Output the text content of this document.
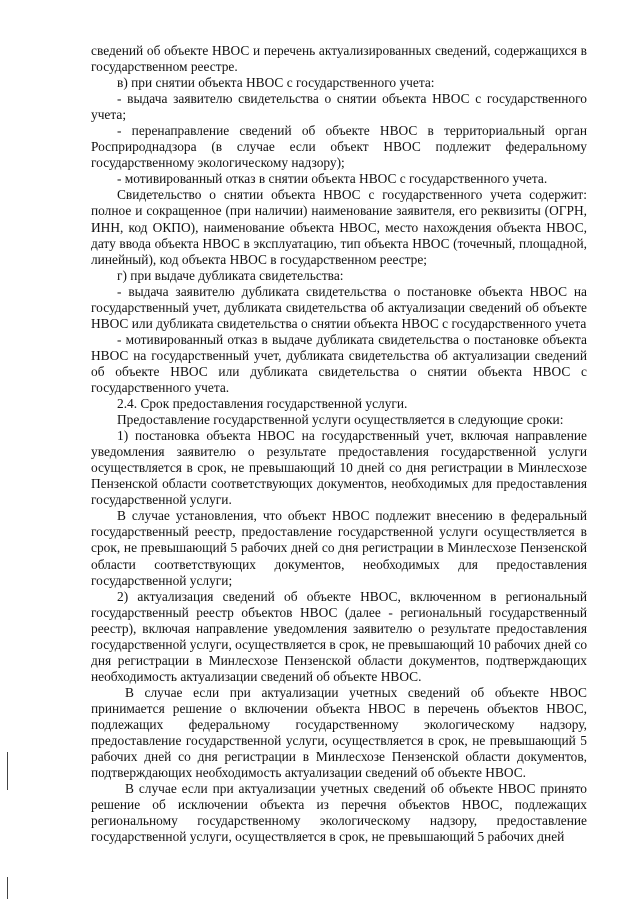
сведений об объекте НВОС и перечень актуализированных сведений, содержащихся в государственном реестре.

в) при снятии объекта НВОС с государственного учета:

- выдача заявителю свидетельства о снятии объекта НВОС с государственного учета;

- перенаправление сведений об объекте НВОС в территориальный орган Росприроднадзора (в случае если объект НВОС подлежит федеральному государственному экологическому надзору);

- мотивированный отказ в снятии объекта НВОС с государственного учета.

Свидетельство о снятии объекта НВОС с государственного учета содержит: полное и сокращенное (при наличии) наименование заявителя, его реквизиты (ОГРН, ИНН, код ОКПО), наименование объекта НВОС, место нахождения объекта НВОС, дату ввода объекта НВОС в эксплуатацию, тип объекта НВОС (точечный, площадной, линейный), код объекта НВОС в государственном реестре;

г) при выдаче дубликата свидетельства:

- выдача заявителю дубликата свидетельства о постановке объекта НВОС на государственный учет, дубликата свидетельства об актуализации сведений об объекте НВОС или дубликата свидетельства о снятии объекта НВОС с государственного учета

- мотивированный отказ в выдаче дубликата свидетельства о постановке объекта НВОС на государственный учет, дубликата свидетельства об актуализации сведений об объекте НВОС или дубликата свидетельства о снятии объекта НВОС с государственного учета.

2.4. Срок предоставления государственной услуги.

Предоставление государственной услуги осуществляется в следующие сроки:

1) постановка объекта НВОС на государственный учет, включая направление уведомления заявителю о результате предоставления государственной услуги осуществляется в срок, не превышающий 10 дней со дня регистрации в Минлесхозе Пензенской области соответствующих документов, необходимых для предоставления государственной услуги.

В случае установления, что объект НВОС подлежит внесению в федеральный государственный реестр, предоставление государственной услуги осуществляется в срок, не превышающий 5 рабочих дней со дня регистрации в Минлесхозе Пензенской области соответствующих документов, необходимых для предоставления государственной услуги;

2) актуализация сведений об объекте НВОС, включенном в региональный государственный реестр объектов НВОС (далее - региональный государственный реестр), включая направление уведомления заявителю о результате предоставления государственной услуги, осуществляется в срок, не превышающий 10 рабочих дней со дня регистрации в Минлесхозе Пензенской области документов, подтверждающих необходимость актуализации сведений об объекте НВОС.

В случае если при актуализации учетных сведений об объекте НВОС принимается решение о включении объекта НВОС в перечень объектов НВОС, подлежащих федеральному государственному экологическому надзору, предоставление государственной услуги, осуществляется в срок, не превышающий 5 рабочих дней со дня регистрации в Минлесхозе Пензенской области документов, подтверждающих необходимость актуализации сведений об объекте НВОС.

В случае если при актуализации учетных сведений об объекте НВОС принято решение об исключении объекта из перечня объектов НВОС, подлежащих региональному государственному экологическому надзору, предоставление государственной услуги, осуществляется в срок, не превышающий 5 рабочих дней
